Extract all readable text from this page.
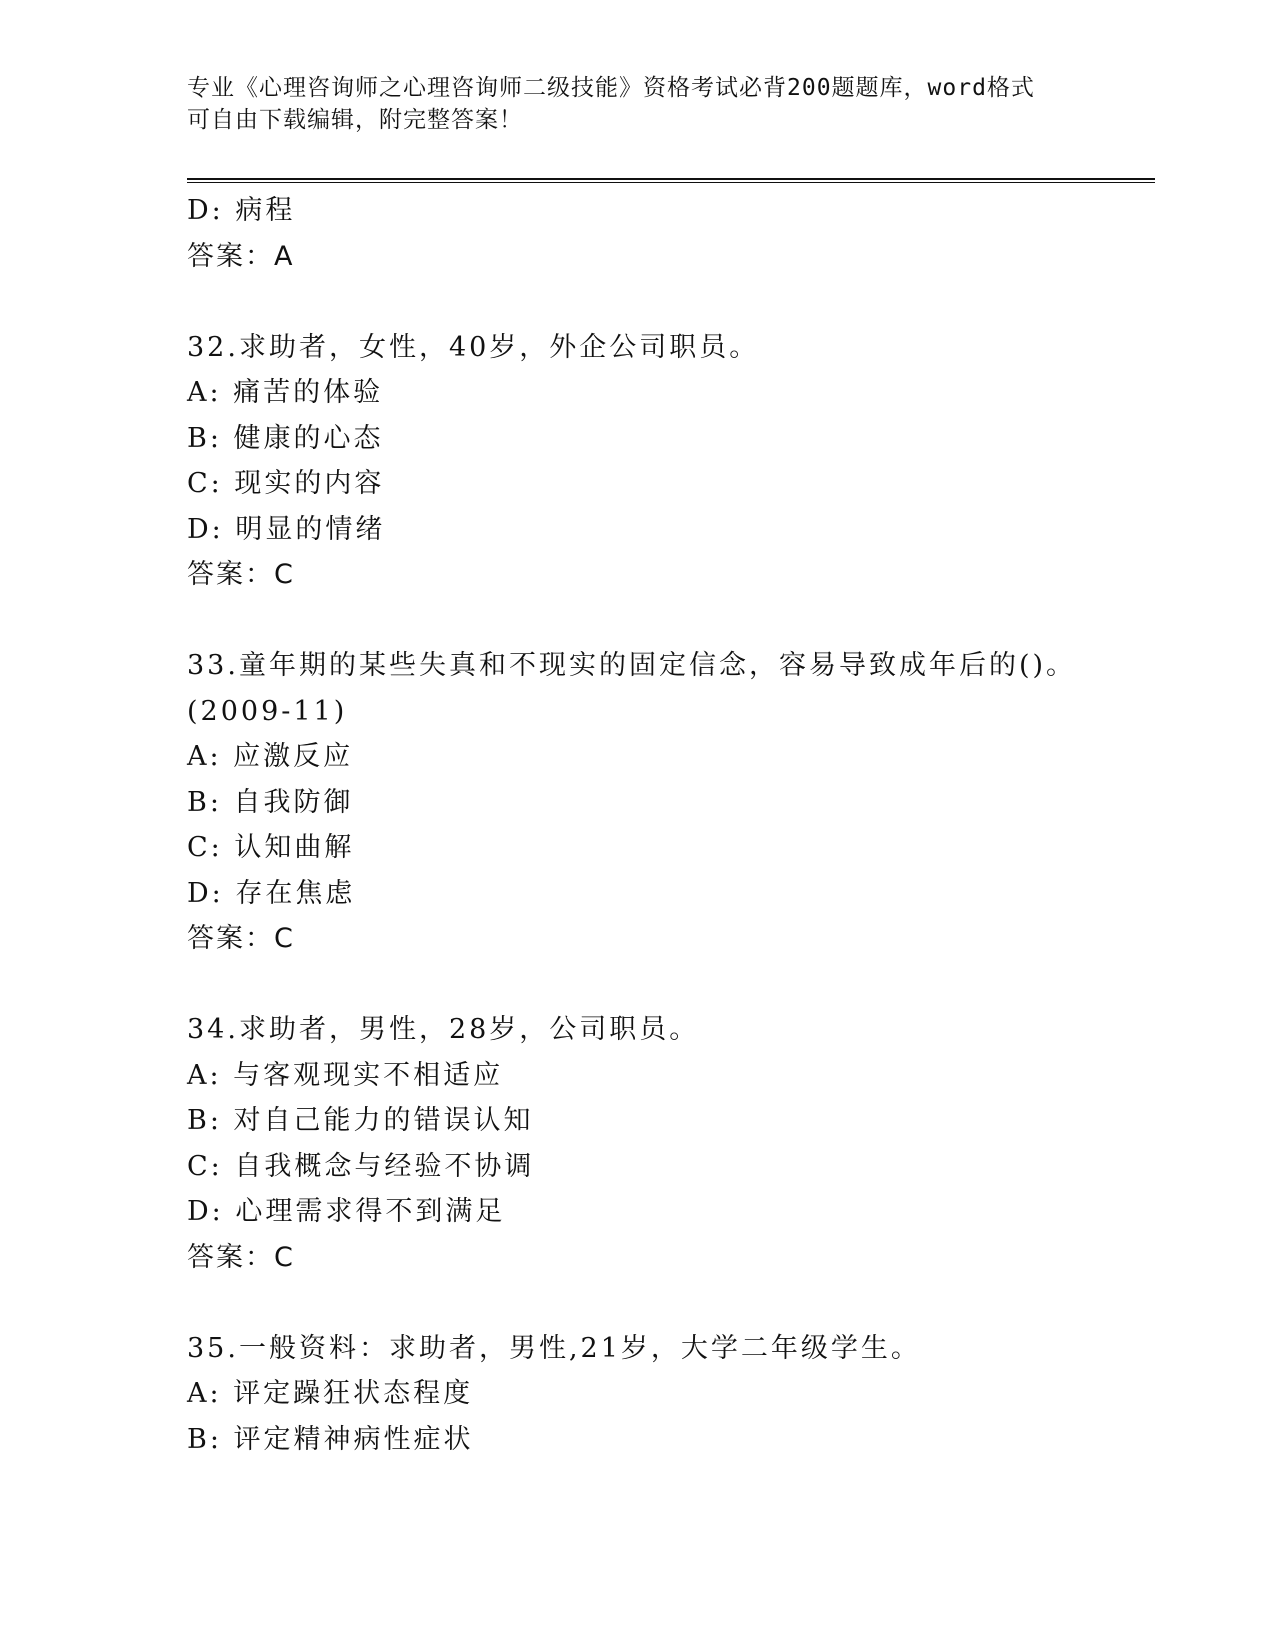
专业《心理咨询师之心理咨询师二级技能》资格考试必背200题题库，word格式
可自由下载编辑，附完整答案！
D: 病程
答案：A
32.求助者，女性，40岁，外企公司职员。
A: 痛苦的体验
B: 健康的心态
C: 现实的内容
D: 明显的情绪
答案：C
33.童年期的某些失真和不现实的固定信念，容易导致成年后的()。
(2009-11)
A: 应激反应
B: 自我防御
C: 认知曲解
D: 存在焦虑
答案：C
34.求助者，男性，28岁，公司职员。
A: 与客观现实不相适应
B: 对自己能力的错误认知
C: 自我概念与经验不协调
D: 心理需求得不到满足
答案：C
35.一般资料：求助者，男性,21岁，大学二年级学生。
A: 评定躁狂状态程度
B: 评定精神病性症状
